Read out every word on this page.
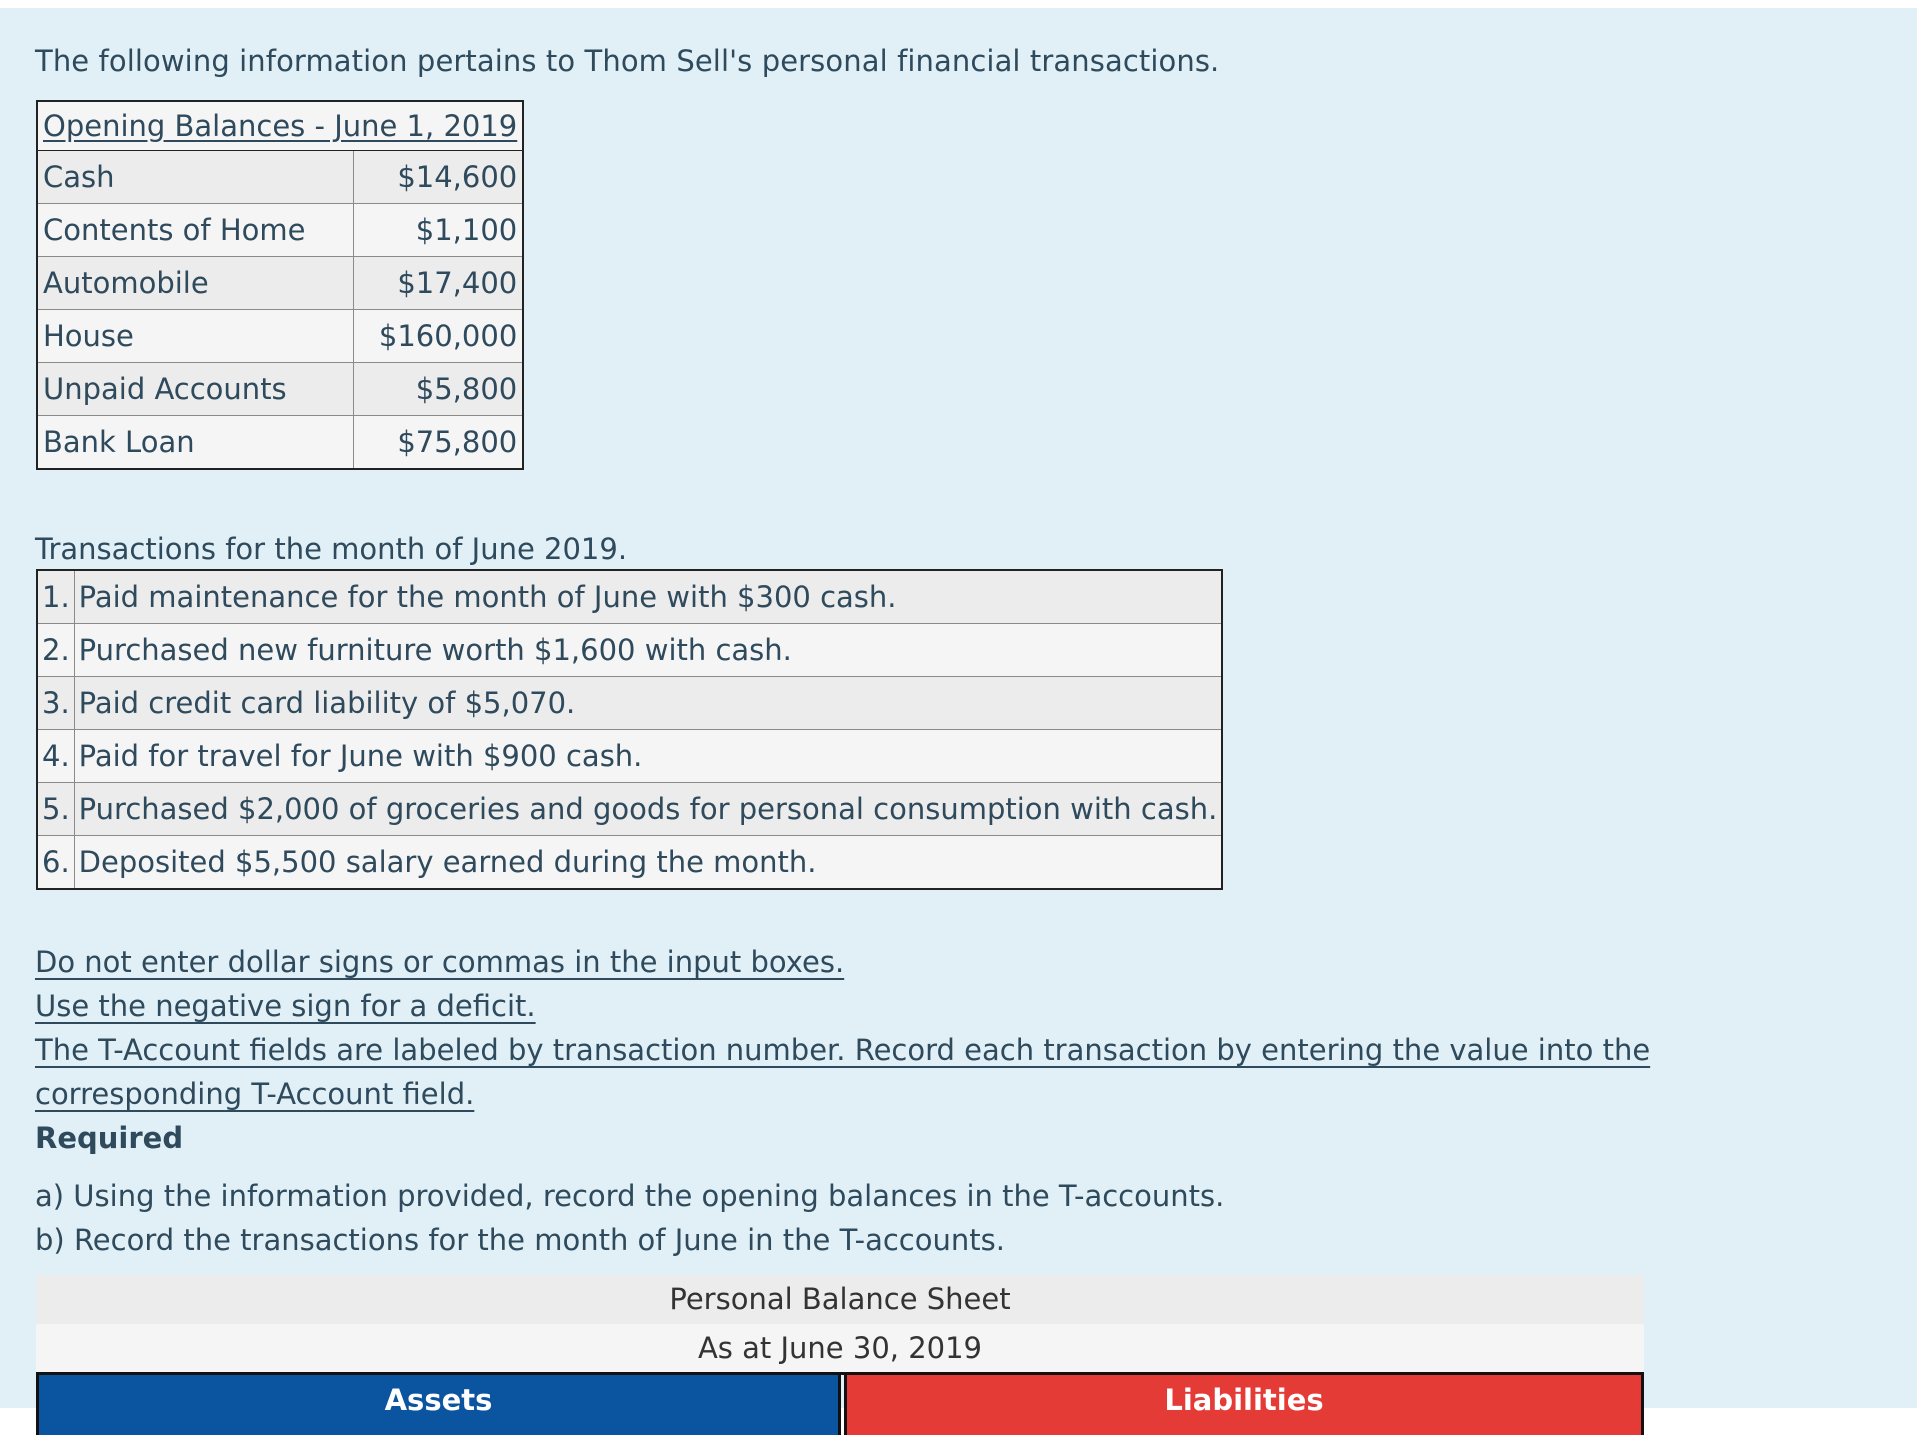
The following information pertains to Thom Sell's personal financial transactions.
Opening Balances - June 1, 2019	
Cash	$14,600
Contents of Home	$1,100
Automobile	$17,400
House	$160,000
Unpaid Accounts	$5,800
Bank Loan	$75,800
Transactions for the month of June 2019.
1.	Paid maintenance for the month of June with $300 cash.
2.	Purchased new furniture worth $1,600 with cash.
3.	Paid credit card liability of $5,070.
4.	Paid for travel for June with $900 cash.
5.	Purchased $2,000 of groceries and goods for personal consumption with cash.
6.	Deposited $5,500 salary earned during the month.
Do not enter dollar signs or commas in the input boxes.
Use the negative sign for a deficit.
The T-Account fields are labeled by transaction number. Record each transaction by entering the value into the corresponding T-Account field.
Required
a) Using the information provided, record the opening balances in the T-accounts.
b) Record the transactions for the month of June in the T-accounts.
Personal Balance Sheet
As at June 30, 2019
Assets	Liabilities
